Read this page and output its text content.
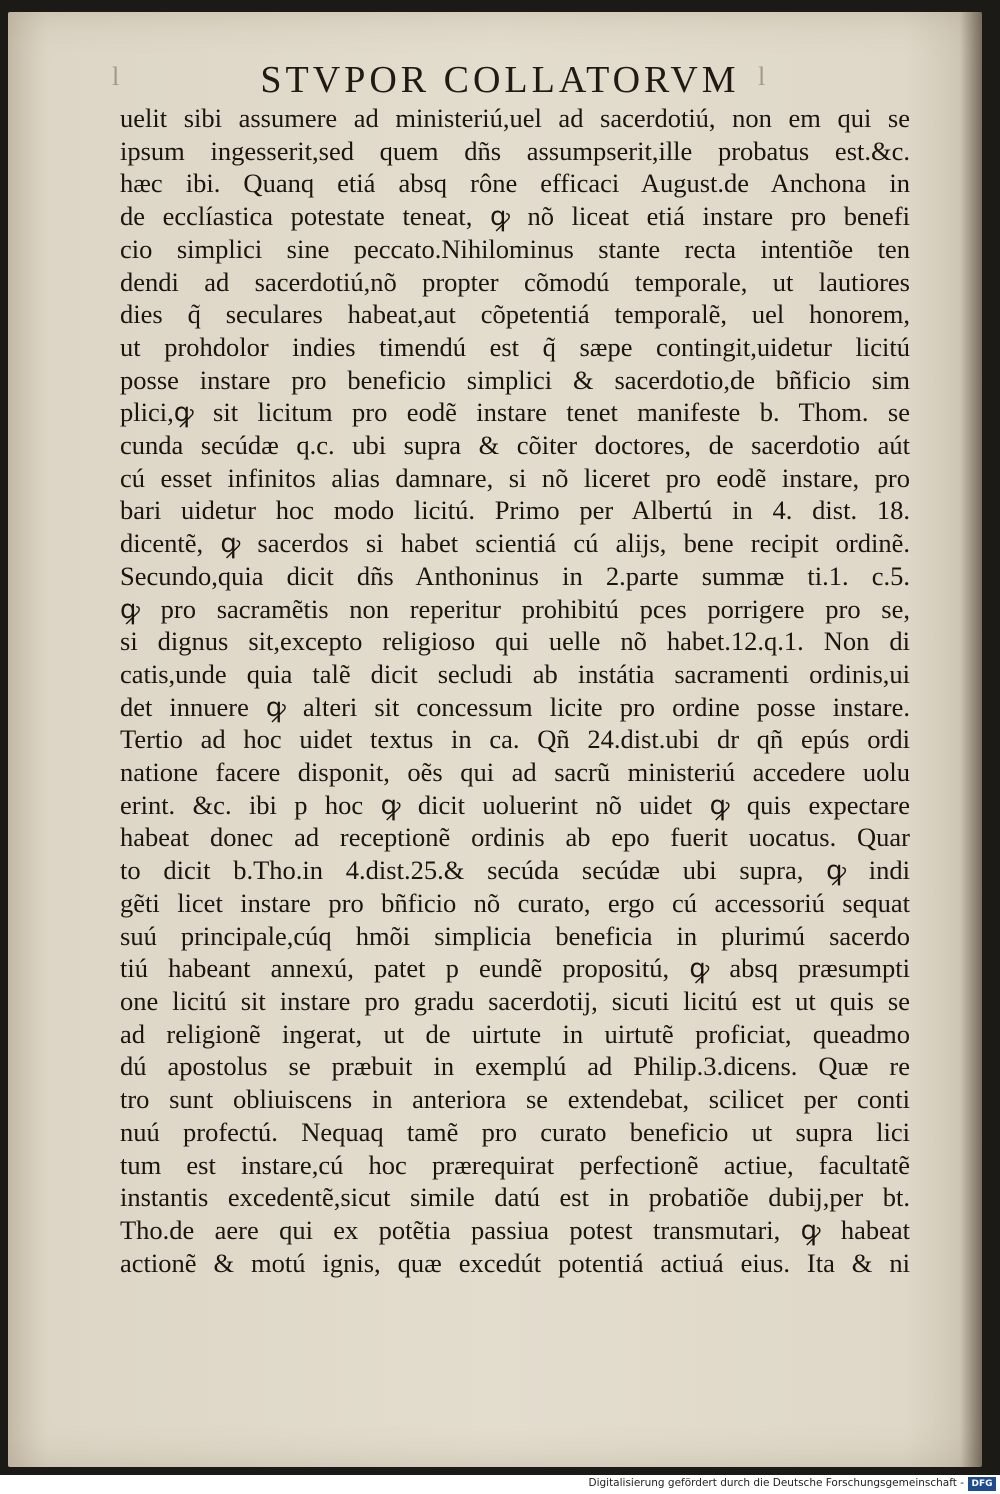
l	STVPOR COLLATORVM l
uelit sibi assumere ad ministeriú,uel ad sacerdotiú, non em qui se
ipsum ingesserit,sed quem dñs assumpserit,ille probatus est.&c.
hæc ibi. Quanq etiá absq rône efficaci August.de Anchona in
de ecclíastica potestate teneat, ꝙ nõ liceat etiá instare pro benefi
cio simplici sine peccato.Nihilominus stante recta intentiõe ten
dendi ad sacerdotiú,nõ propter cõmodú temporale, ut lautiores
dies q̃ seculares habeat,aut cõpetentiá temporalẽ, uel honorem,
ut prohdolor indies timendú est q̃ sæpe contingit,uidetur licitú
posse instare pro beneficio simplici & sacerdotio,de bñficio sim
plici,ꝙ sit licitum pro eodẽ instare tenet manifeste b. Thom. se
cunda secúdæ q.c. ubi supra & cõiter doctores, de sacerdotio aút
cú esset infinitos alias damnare, si nõ liceret pro eodẽ instare, pro
bari uidetur hoc modo licitú. Primo per Albertú in 4. dist. 18.
dicentẽ, ꝙ sacerdos si habet scientiá cú alijs, bene recipit ordinẽ.
Secundo,quia dicit dñs Anthoninus in 2.parte summæ ti.1. c.5.
ꝙ pro sacramẽtis non reperitur prohibitú pces porrigere pro se,
si dignus sit,excepto religioso qui uelle nõ habet.12.q.1. Non di
catis,unde quia talẽ dicit secludi ab instátia sacramenti ordinis,ui
det innuere ꝙ alteri sit concessum licite pro ordine posse instare.
Tertio ad hoc uidet textus in ca. Qñ 24.dist.ubi dr qñ epús ordi
natione facere disponit, oẽs qui ad sacrũ ministeriú accedere uolu
erint. &c. ibi p hoc ꝙ dicit uoluerint nõ uidet ꝙ quis expectare
habeat donec ad receptionẽ ordinis ab epo fuerit uocatus. Quar
to dicit b.Tho.in 4.dist.25.& secúda secúdæ ubi supra, ꝙ indi
gẽti licet instare pro bñficio nõ curato, ergo cú accessoriú sequat
suú principale,cúq hmõi simplicia beneficia in plurimú sacerdo
tiú habeant annexú, patet p eundẽ propositú, ꝙ absq præsumpti
one licitú sit instare pro gradu sacerdotij, sicuti licitú est ut quis se
ad religionẽ ingerat, ut de uirtute in uirtutẽ proficiat, queadmo
dú apostolus se præbuit in exemplú ad Philip.3.dicens. Quæ re
tro sunt obliuiscens in anteriora se extendebat, scilicet per conti
nuú profectú. Nequaq tamẽ pro curato beneficio ut supra lici
tum est instare,cú hoc prærequirat perfectionẽ actiue, facultatẽ
instantis excedentẽ,sicut simile datú est in probatiõe dubij,per bt.
Tho.de aere qui ex potẽtia passiua potest transmutari, ꝙ habeat
actionẽ & motú ignis, quæ excedút potentiá actiuá eius. Ita & ni
Digitalisierung gefördert durch die Deutsche Forschungsgemeinschaft - DFG
